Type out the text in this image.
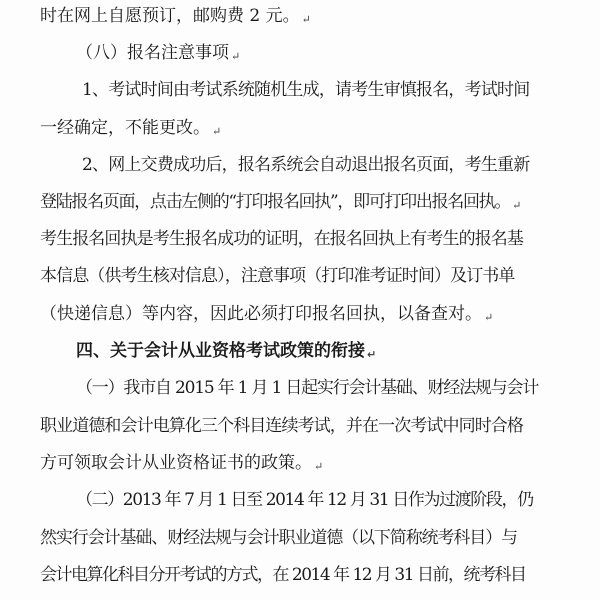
时在网上自愿预订，邮购费 2 元。 ↵
（八）报名注意事项 ↵
1、考试时间由考试系统随机生成，请考生审慎报名，考试时间
一经确定，不能更改。 ↵
2、网上交费成功后，报名系统会自动退出报名页面，考生重新
登陆报名页面，点击左侧的“打印报名回执”，即可打印出报名回执。 ↵
考生报名回执是考生报名成功的证明，在报名回执上有考生的报名基
本信息（供考生核对信息），注意事项（打印准考证时间）及订书单
（快递信息）等内容，因此必须打印报名回执，以备查对。 ↵
四、关于会计从业资格考试政策的衔接 ↵
（一）我市自 2015 年 1 月 1 日起实行会计基础、财经法规与会计
职业道德和会计电算化三个科目连续考试，并在一次考试中同时合格
方可领取会计从业资格证书的政策。 ↵
（二）2013 年 7 月 1 日至 2014 年 12 月 31 日作为过渡阶段，仍
然实行会计基础、财经法规与会计职业道德（以下简称统考科目）与
会计电算化科目分开考试的方式，在 2014 年 12 月 31 日前，统考科目
